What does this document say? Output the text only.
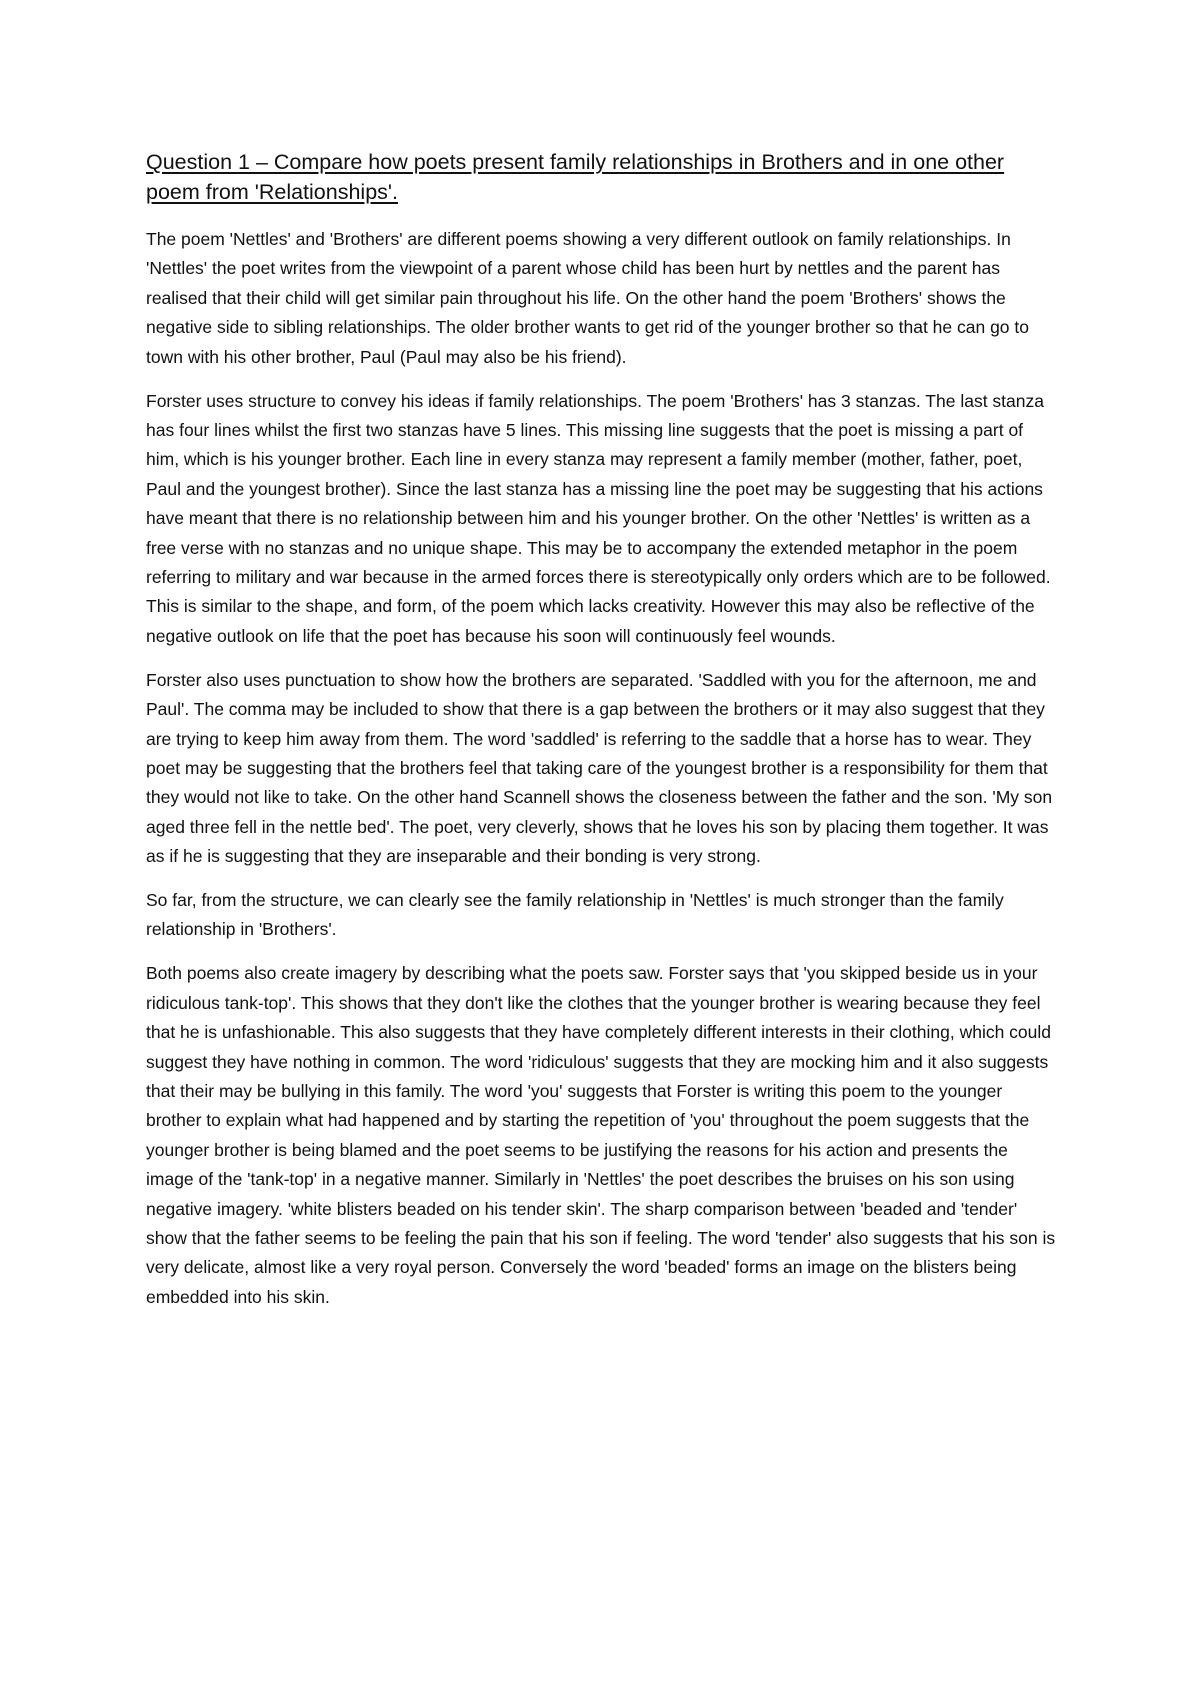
Question 1 – Compare how poets present family relationships in Brothers and in one other poem from 'Relationships'.

The poem 'Nettles' and 'Brothers' are different poems showing a very different outlook on family relationships. In 'Nettles' the poet writes from the viewpoint of a parent whose child has been hurt by nettles and the parent has realised that their child will get similar pain throughout his life. On the other hand the poem 'Brothers' shows the negative side to sibling relationships. The older brother wants to get rid of the younger brother so that he can go to town with his other brother, Paul (Paul may also be his friend).

Forster uses structure to convey his ideas if family relationships. The poem 'Brothers' has 3 stanzas. The last stanza has four lines whilst the first two stanzas have 5 lines. This missing line suggests that the poet is missing a part of him, which is his younger brother. Each line in every stanza may represent a family member (mother, father, poet, Paul and the youngest brother). Since the last stanza has a missing line the poet may be suggesting that his actions have meant that there is no relationship between him and his younger brother. On the other 'Nettles' is written as a free verse with no stanzas and no unique shape. This may be to accompany the extended metaphor in the poem referring to military and war because in the armed forces there is stereotypically only orders which are to be followed. This is similar to the shape, and form, of the poem which lacks creativity. However this may also be reflective of the negative outlook on life that the poet has because his soon will continuously feel wounds.

Forster also uses punctuation to show how the brothers are separated. 'Saddled with you for the afternoon, me and Paul'. The comma may be included to show that there is a gap between the brothers or it may also suggest that they are trying to keep him away from them. The word 'saddled' is referring to the saddle that a horse has to wear. They poet may be suggesting that the brothers feel that taking care of the youngest brother is a responsibility for them that they would not like to take. On the other hand Scannell shows the closeness between the father and the son. 'My son aged three fell in the nettle bed'. The poet, very cleverly, shows that he loves his son by placing them together. It was as if he is suggesting that they are inseparable and their bonding is very strong.

So far, from the structure, we can clearly see the family relationship in 'Nettles' is much stronger than the family relationship in 'Brothers'.

Both poems also create imagery by describing what the poets saw. Forster says that 'you skipped beside us in your ridiculous tank-top'. This shows that they don't like the clothes that the younger brother is wearing because they feel that he is unfashionable. This also suggests that they have completely different interests in their clothing, which could suggest they have nothing in common. The word 'ridiculous' suggests that they are mocking him and it also suggests that their may be bullying in this family. The word 'you' suggests that Forster is writing this poem to the younger brother to explain what had happened and by starting the repetition of 'you' throughout the poem suggests that the younger brother is being blamed and the poet seems to be justifying the reasons for his action and presents the image of the 'tank-top' in a negative manner. Similarly in 'Nettles' the poet describes the bruises on his son using negative imagery. 'white blisters beaded on his tender skin'. The sharp comparison between 'beaded and 'tender' show that the father seems to be feeling the pain that his son if feeling. The word 'tender' also suggests that his son is very delicate, almost like a very royal person. Conversely the word 'beaded' forms an image on the blisters being embedded into his skin.
